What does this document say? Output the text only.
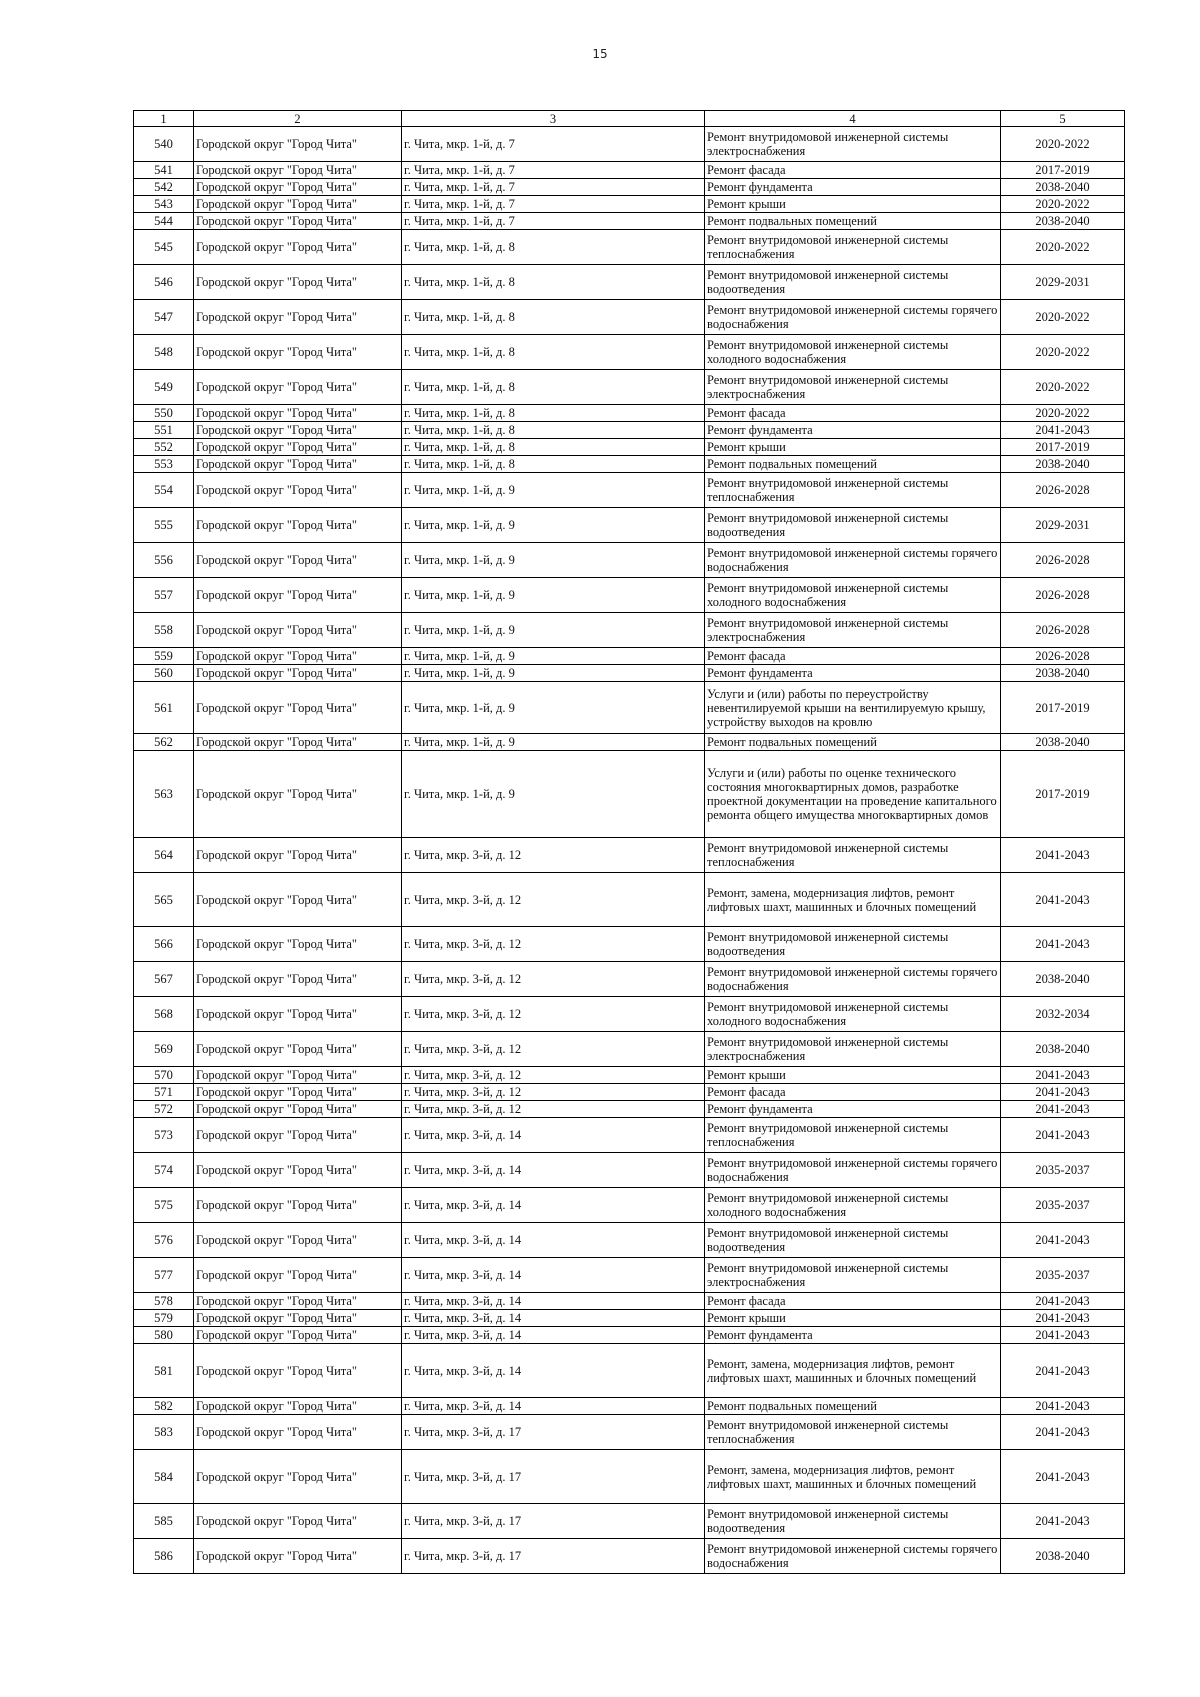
15
1	2	3	4	5
540	Городской округ "Город Чита"	г. Чита, мкр. 1-й, д. 7	Ремонт внутридомовой инженерной системы электроснабжения	2020-2022
541	Городской округ "Город Чита"	г. Чита, мкр. 1-й, д. 7	Ремонт фасада	2017-2019
542	Городской округ "Город Чита"	г. Чита, мкр. 1-й, д. 7	Ремонт фундамента	2038-2040
543	Городской округ "Город Чита"	г. Чита, мкр. 1-й, д. 7	Ремонт крыши	2020-2022
544	Городской округ "Город Чита"	г. Чита, мкр. 1-й, д. 7	Ремонт подвальных помещений	2038-2040
545	Городской округ "Город Чита"	г. Чита, мкр. 1-й, д. 8	Ремонт внутридомовой инженерной системы теплоснабжения	2020-2022
546	Городской округ "Город Чита"	г. Чита, мкр. 1-й, д. 8	Ремонт внутридомовой инженерной системы водоотведения	2029-2031
547	Городской округ "Город Чита"	г. Чита, мкр. 1-й, д. 8	Ремонт внутридомовой инженерной системы горячего водоснабжения	2020-2022
548	Городской округ "Город Чита"	г. Чита, мкр. 1-й, д. 8	Ремонт внутридомовой инженерной системы холодного водоснабжения	2020-2022
549	Городской округ "Город Чита"	г. Чита, мкр. 1-й, д. 8	Ремонт внутридомовой инженерной системы электроснабжения	2020-2022
550	Городской округ "Город Чита"	г. Чита, мкр. 1-й, д. 8	Ремонт фасада	2020-2022
551	Городской округ "Город Чита"	г. Чита, мкр. 1-й, д. 8	Ремонт фундамента	2041-2043
552	Городской округ "Город Чита"	г. Чита, мкр. 1-й, д. 8	Ремонт крыши	2017-2019
553	Городской округ "Город Чита"	г. Чита, мкр. 1-й, д. 8	Ремонт подвальных помещений	2038-2040
554	Городской округ "Город Чита"	г. Чита, мкр. 1-й, д. 9	Ремонт внутридомовой инженерной системы теплоснабжения	2026-2028
555	Городской округ "Город Чита"	г. Чита, мкр. 1-й, д. 9	Ремонт внутридомовой инженерной системы водоотведения	2029-2031
556	Городской округ "Город Чита"	г. Чита, мкр. 1-й, д. 9	Ремонт внутридомовой инженерной системы горячего водоснабжения	2026-2028
557	Городской округ "Город Чита"	г. Чита, мкр. 1-й, д. 9	Ремонт внутридомовой инженерной системы холодного водоснабжения	2026-2028
558	Городской округ "Город Чита"	г. Чита, мкр. 1-й, д. 9	Ремонт внутридомовой инженерной системы электроснабжения	2026-2028
559	Городской округ "Город Чита"	г. Чита, мкр. 1-й, д. 9	Ремонт фасада	2026-2028
560	Городской округ "Город Чита"	г. Чита, мкр. 1-й, д. 9	Ремонт фундамента	2038-2040
561	Городской округ "Город Чита"	г. Чита, мкр. 1-й, д. 9	Услуги и (или) работы по переустройству невентилируемой крыши на вентилируемую крышу, устройству выходов на кровлю	2017-2019
562	Городской округ "Город Чита"	г. Чита, мкр. 1-й, д. 9	Ремонт подвальных помещений	2038-2040
563	Городской округ "Город Чита"	г. Чита, мкр. 1-й, д. 9	Услуги и (или) работы по оценке технического состояния многоквартирных домов, разработке проектной документации на проведение капитального ремонта общего имущества многоквартирных домов	2017-2019
564	Городской округ "Город Чита"	г. Чита, мкр. 3-й, д. 12	Ремонт внутридомовой инженерной системы теплоснабжения	2041-2043
565	Городской округ "Город Чита"	г. Чита, мкр. 3-й, д. 12	Ремонт, замена, модернизация лифтов, ремонт лифтовых шахт, машинных и блочных помещений	2041-2043
566	Городской округ "Город Чита"	г. Чита, мкр. 3-й, д. 12	Ремонт внутридомовой инженерной системы водоотведения	2041-2043
567	Городской округ "Город Чита"	г. Чита, мкр. 3-й, д. 12	Ремонт внутридомовой инженерной системы горячего водоснабжения	2038-2040
568	Городской округ "Город Чита"	г. Чита, мкр. 3-й, д. 12	Ремонт внутридомовой инженерной системы холодного водоснабжения	2032-2034
569	Городской округ "Город Чита"	г. Чита, мкр. 3-й, д. 12	Ремонт внутридомовой инженерной системы электроснабжения	2038-2040
570	Городской округ "Город Чита"	г. Чита, мкр. 3-й, д. 12	Ремонт крыши	2041-2043
571	Городской округ "Город Чита"	г. Чита, мкр. 3-й, д. 12	Ремонт фасада	2041-2043
572	Городской округ "Город Чита"	г. Чита, мкр. 3-й, д. 12	Ремонт фундамента	2041-2043
573	Городской округ "Город Чита"	г. Чита, мкр. 3-й, д. 14	Ремонт внутридомовой инженерной системы теплоснабжения	2041-2043
574	Городской округ "Город Чита"	г. Чита, мкр. 3-й, д. 14	Ремонт внутридомовой инженерной системы горячего водоснабжения	2035-2037
575	Городской округ "Город Чита"	г. Чита, мкр. 3-й, д. 14	Ремонт внутридомовой инженерной системы холодного водоснабжения	2035-2037
576	Городской округ "Город Чита"	г. Чита, мкр. 3-й, д. 14	Ремонт внутридомовой инженерной системы водоотведения	2041-2043
577	Городской округ "Город Чита"	г. Чита, мкр. 3-й, д. 14	Ремонт внутридомовой инженерной системы электроснабжения	2035-2037
578	Городской округ "Город Чита"	г. Чита, мкр. 3-й, д. 14	Ремонт фасада	2041-2043
579	Городской округ "Город Чита"	г. Чита, мкр. 3-й, д. 14	Ремонт крыши	2041-2043
580	Городской округ "Город Чита"	г. Чита, мкр. 3-й, д. 14	Ремонт фундамента	2041-2043
581	Городской округ "Город Чита"	г. Чита, мкр. 3-й, д. 14	Ремонт, замена, модернизация лифтов, ремонт лифтовых шахт, машинных и блочных помещений	2041-2043
582	Городской округ "Город Чита"	г. Чита, мкр. 3-й, д. 14	Ремонт подвальных помещений	2041-2043
583	Городской округ "Город Чита"	г. Чита, мкр. 3-й, д. 17	Ремонт внутридомовой инженерной системы теплоснабжения	2041-2043
584	Городской округ "Город Чита"	г. Чита, мкр. 3-й, д. 17	Ремонт, замена, модернизация лифтов, ремонт лифтовых шахт, машинных и блочных помещений	2041-2043
585	Городской округ "Город Чита"	г. Чита, мкр. 3-й, д. 17	Ремонт внутридомовой инженерной системы водоотведения	2041-2043
586	Городской округ "Город Чита"	г. Чита, мкр. 3-й, д. 17	Ремонт внутридомовой инженерной системы горячего водоснабжения	2038-2040
